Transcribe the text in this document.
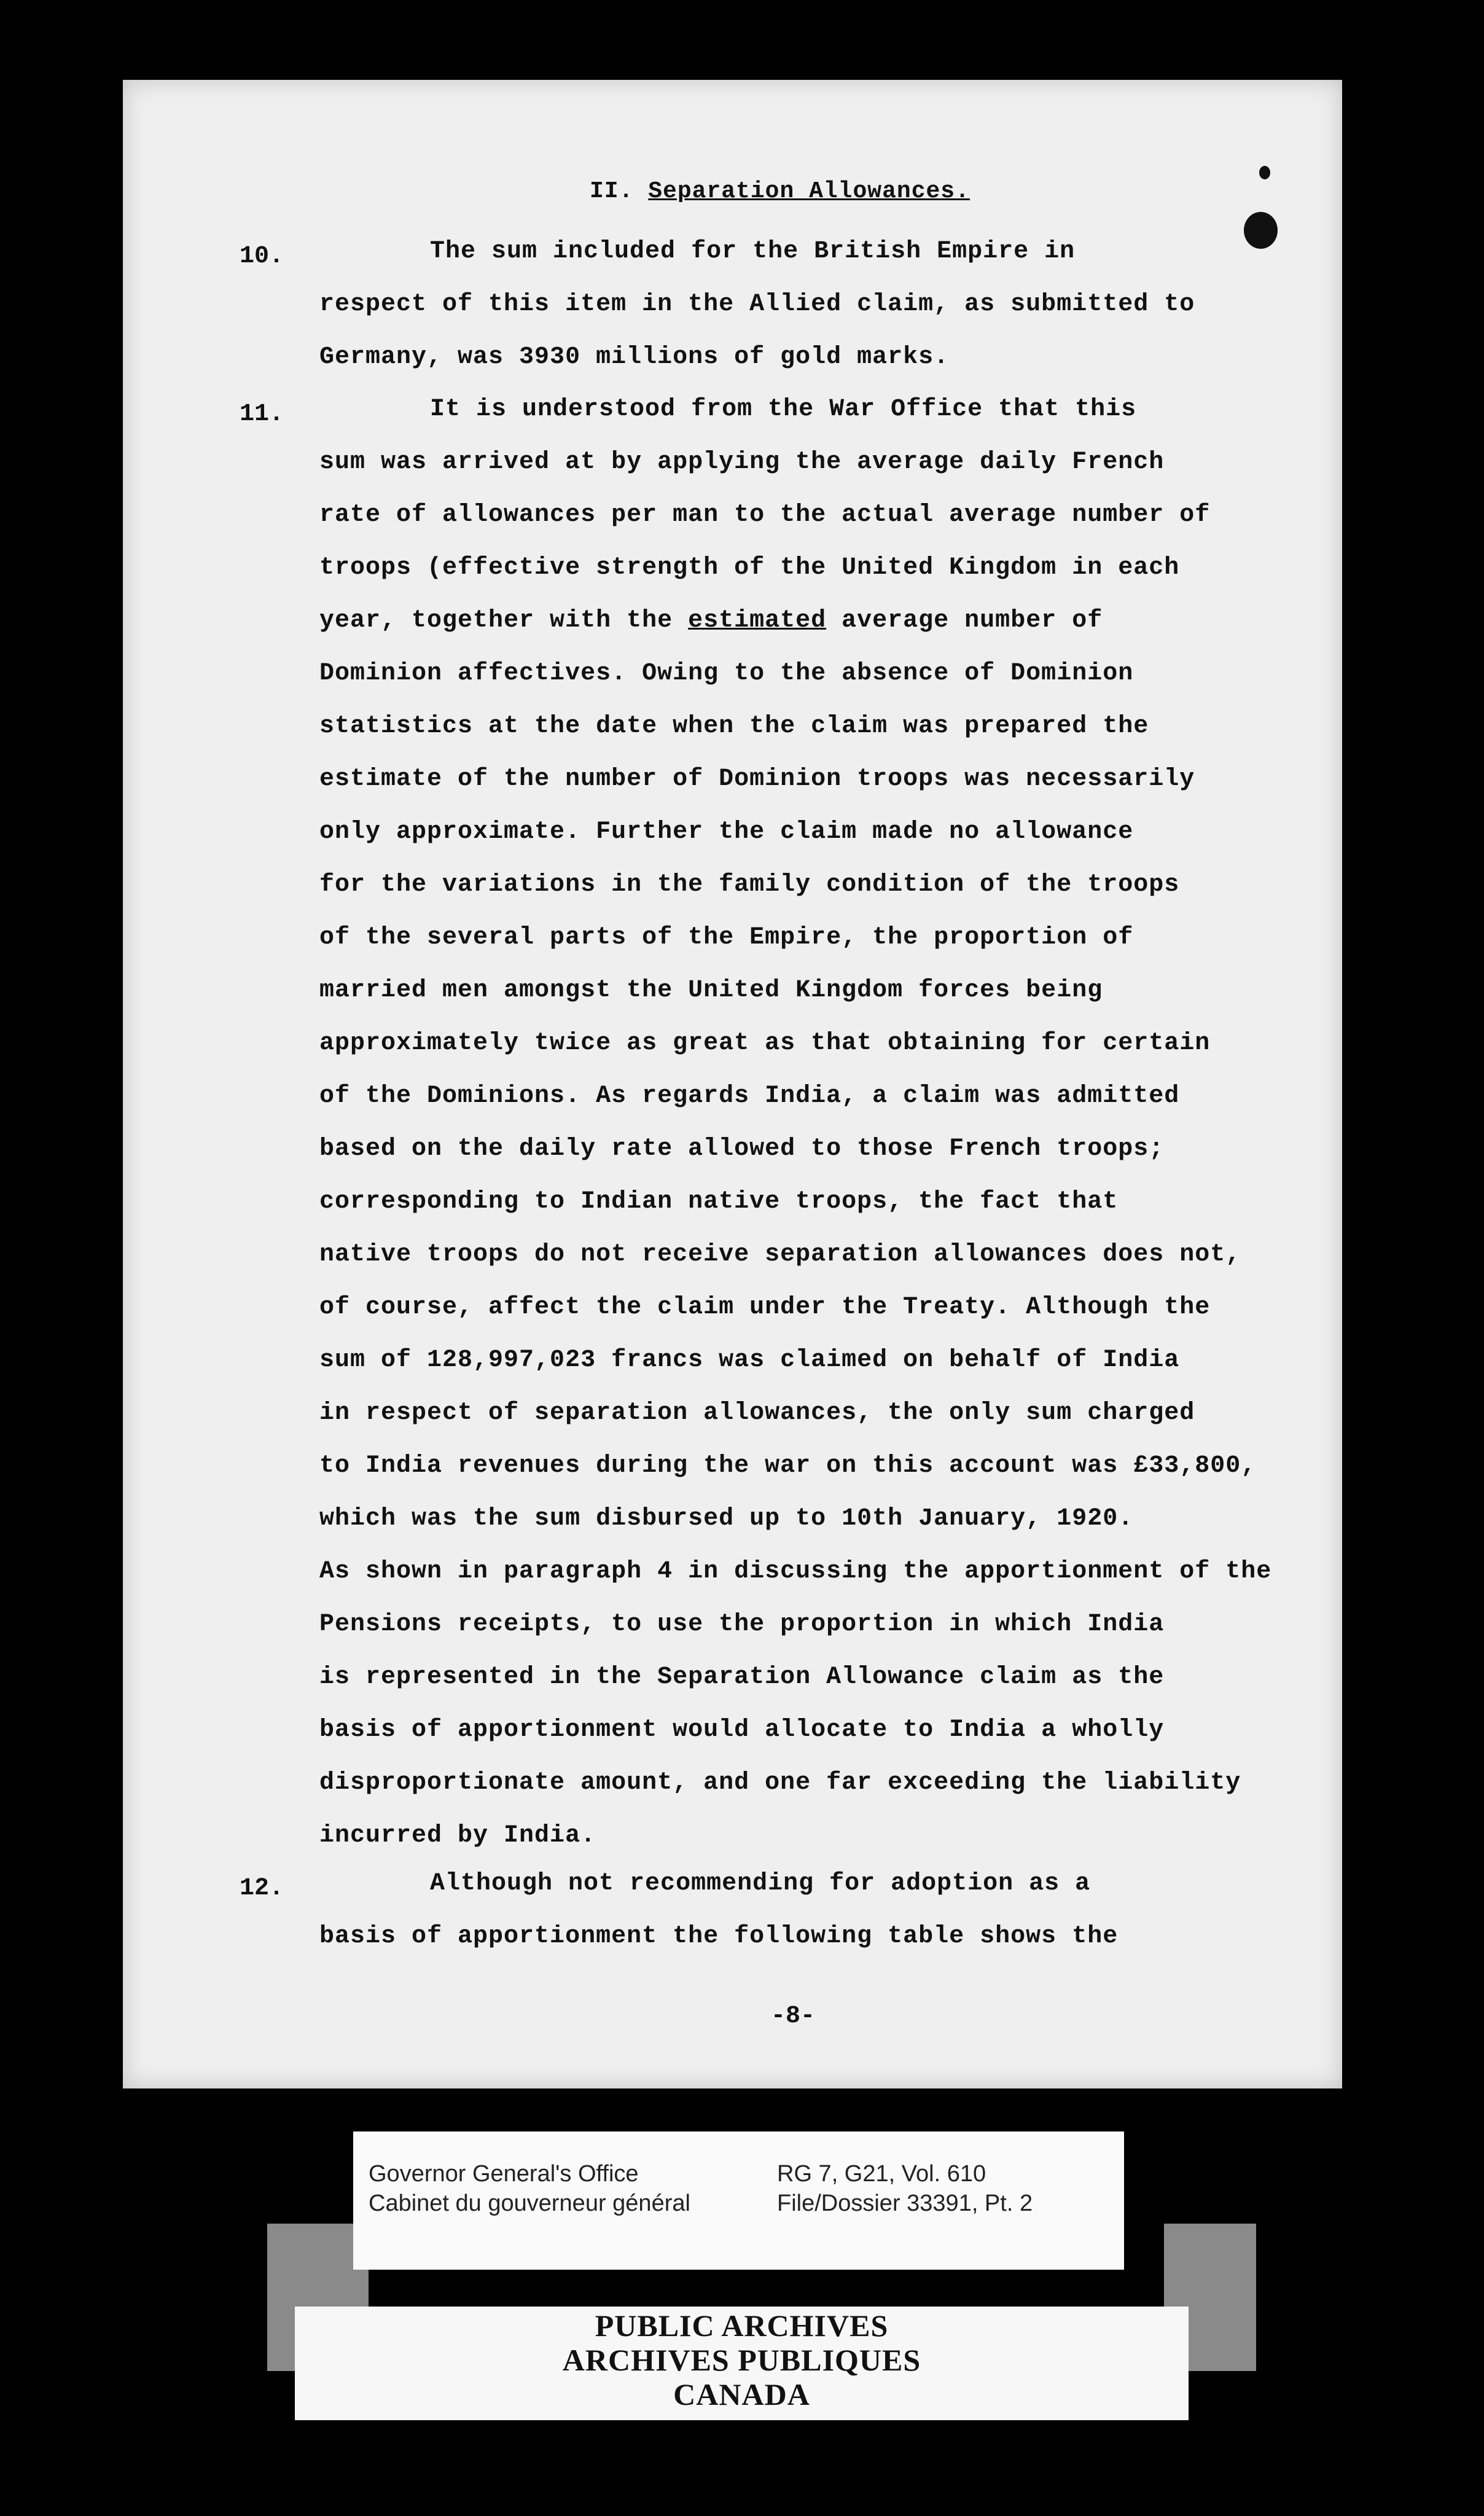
II. Separation Allowances.
10.	The sum included for the British Empire in
respect of this item in the Allied claim, as submitted to
Germany, was 3930 millions of gold marks.
11.	It is understood from the War Office that this
sum was arrived at by applying the average daily French
rate of allowances per man to the actual average number of
troops (effective strength of the United Kingdom in each
year, together with the estimated average number of
Dominion affectives. Owing to the absence of Dominion
statistics at the date when the claim was prepared the
estimate of the number of Dominion troops was necessarily
only approximate. Further the claim made no allowance
for the variations in the family condition of the troops
of the several parts of the Empire, the proportion of
married men amongst the United Kingdom forces being
approximately twice as great as that obtaining for certain
of the Dominions. As regards India, a claim was admitted
based on the daily rate allowed to those French troops;
corresponding to Indian native troops, the fact that
native troops do not receive separation allowances does not,
of course, affect the claim under the Treaty. Although the
sum of 128,997,023 francs was claimed on behalf of India
in respect of separation allowances, the only sum charged
to India revenues during the war on this account was £33,800,
which was the sum disbursed up to 10th January, 1920.
As shown in paragraph 4 in discussing the apportionment of the
Pensions receipts, to use the proportion in which India
is represented in the Separation Allowance claim as the
basis of apportionment would allocate to India a wholly
disproportionate amount, and one far exceeding the liability
incurred by India.
12.	Although not recommending for adoption as a
basis of apportionment the following table shows the
-8-
Governor General's Office
Cabinet du gouverneur général
RG 7, G21, Vol. 610
File/Dossier 33391, Pt. 2
PUBLIC ARCHIVES
ARCHIVES PUBLIQUES
CANADA
